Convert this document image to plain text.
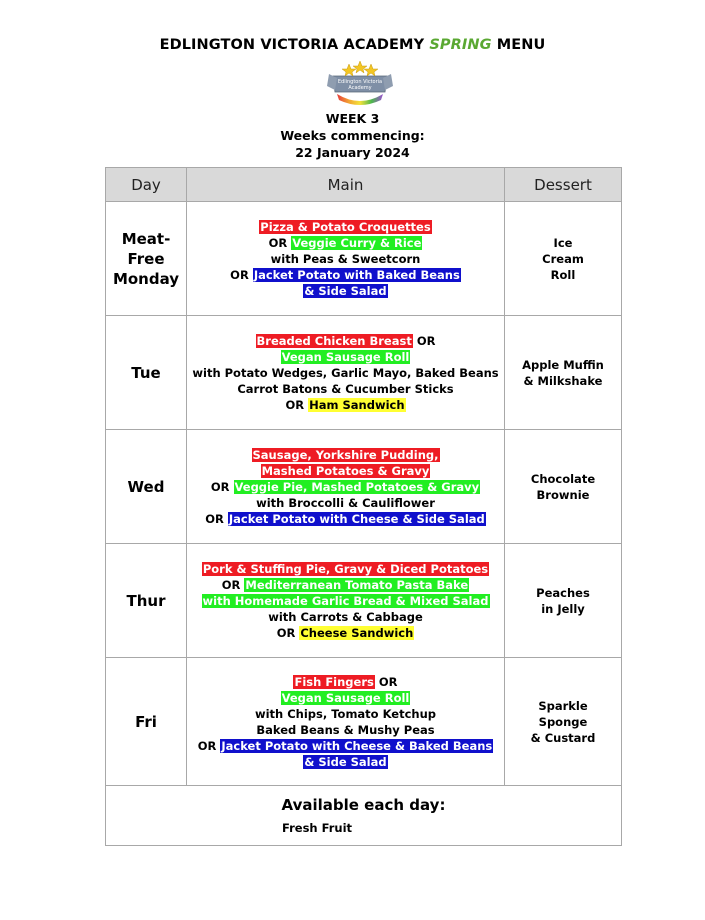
EDLINGTON VICTORIA ACADEMY SPRING MENU
Edlington Victoria
Academy
WEEK 3
Weeks commencing:
22 January 2024
Day	Main	Dessert
Meat-
Free
Monday
Pizza & Potato Croquettes
OR Veggie Curry & Rice
with Peas & Sweetcorn
OR Jacket Potato with Baked Beans
& Side Salad
Ice
Cream
Roll
Tue
Breaded Chicken Breast OR
Vegan Sausage Roll
with Potato Wedges, Garlic Mayo, Baked Beans
Carrot Batons & Cucumber Sticks
OR Ham Sandwich
Apple Muffin
& Milkshake
Wed
Sausage, Yorkshire Pudding,
Mashed Potatoes & Gravy
OR Veggie Pie, Mashed Potatoes & Gravy
with Broccolli & Cauliflower
OR Jacket Potato with Cheese & Side Salad
Chocolate
Brownie
Thur
Pork & Stuffing Pie, Gravy & Diced Potatoes
OR Mediterranean Tomato Pasta Bake
with Homemade Garlic Bread & Mixed Salad
with Carrots & Cabbage
OR Cheese Sandwich
Peaches
in Jelly
Fri
Fish Fingers OR
Vegan Sausage Roll
with Chips, Tomato Ketchup
Baked Beans & Mushy Peas
OR Jacket Potato with Cheese & Baked Beans
& Side Salad
Sparkle
Sponge
& Custard
Available each day:
Fresh Fruit
